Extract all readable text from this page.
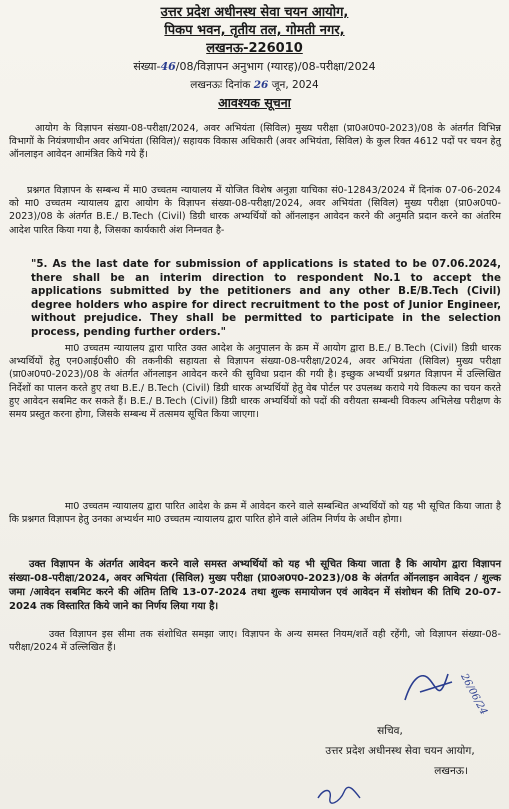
उत्तर प्रदेश अधीनस्थ सेवा चयन आयोग,
पिकप भवन, तृतीय तल, गोमती नगर,
लखनऊ-226010
संख्या-46/08/विज्ञापन अनुभाग (ग्यारह)/08-परीक्षा/2024
लखनऊः दिनांक 26 जून, 2024
आवश्यक सूचना
आयोग के विज्ञापन संख्या-08-परीक्षा/2024, अवर अभियंता (सिविल) मुख्य परीक्षा (प्रा0अ0प0-2023)/08 के अंतर्गत विभिन्न विभागों के नियंत्रणाधीन अवर अभियंता (सिविल)/ सहायक विकास अधिकारी (अवर अभियंता, सिविल) के कुल रिक्त 4612 पदों पर चयन हेतु ऑनलाइन आवेदन आमंत्रित किये गये हैं।
प्रश्नगत विज्ञापन के सम्बन्ध में मा0 उच्चतम न्यायालय में योजित विशेष अनुज्ञा याचिका सं0-12843/2024 में दिनांक 07-06-2024 को मा0 उच्चतम न्यायालय द्वारा आयोग के विज्ञापन संख्या-08-परीक्षा/2024, अवर अभियंता (सिविल) मुख्य परीक्षा (प्रा0अ0प0-2023)/08 के अंतर्गत B.E./ B.Tech (Civil) डिग्री धारक अभ्यर्थियों को ऑनलाइन आवेदन करने की अनुमति प्रदान करने का अंतरिम आदेश पारित किया गया है, जिसका कार्यकारी अंश निम्नवत है-
"5. As the last date for submission of applications is stated to be 07.06.2024, there shall be an interim direction to respondent No.1 to accept the applications submitted by the petitioners and any other B.E/B.Tech (Civil) degree holders who aspire for direct recruitment to the post of Junior Engineer, without prejudice. They shall be permitted to participate in the selection process, pending further orders."
मा0 उच्चतम न्यायालय द्वारा पारित उक्त आदेश के अनुपालन के क्रम में आयोग द्वारा B.E./ B.Tech (Civil) डिग्री धारक अभ्यर्थियों हेतु एन0आई0सी0 की तकनीकी सहायता से विज्ञापन संख्या-08-परीक्षा/2024, अवर अभियंता (सिविल) मुख्य परीक्षा (प्रा0अ0प0-2023)/08 के अंतर्गत ऑनलाइन आवेदन करने की सुविधा प्रदान की गयी है। इच्छुक अभ्यर्थी प्रश्नगत विज्ञापन में उल्लिखित निर्देशों का पालन करते हुए तथा B.E./ B.Tech (Civil) डिग्री धारक अभ्यर्थियों हेतु वेब पोर्टल पर उपलब्ध कराये गये विकल्प का चयन करते हुए आवेदन सबमिट कर सकते हैं। B.E./ B.Tech (Civil) डिग्री धारक अभ्यर्थियों को पदों की वरीयता सम्बन्धी विकल्प अभिलेख परीक्षण के समय प्रस्तुत करना होगा, जिसके सम्बन्ध में तत्समय सूचित किया जाएगा।
मा0 उच्चतम न्यायालय द्वारा पारित आदेश के क्रम में आवेदन करने वाले सम्बन्धित अभ्यर्थियों को यह भी सूचित किया जाता है कि प्रश्नगत विज्ञापन हेतु उनका अभ्यर्थन मा0 उच्चतम न्यायालय द्वारा पारित होने वाले अंतिम निर्णय के अधीन होगा।
उक्त विज्ञापन के अंतर्गत आवेदन करने वाले समस्त अभ्यर्थियों को यह भी सूचित किया जाता है कि आयोग द्वारा विज्ञापन संख्या-08-परीक्षा/2024, अवर अभियंता (सिविल) मुख्य परीक्षा (प्रा0अ0प0-2023)/08 के अंतर्गत ऑनलाइन आवेदन / शुल्क जमा /आवेदन सबमिट करने की अंतिम तिथि 13-07-2024 तथा शुल्क समायोजन एवं आवेदन में संशोधन की तिथि 20-07-2024 तक विस्तारित किये जाने का निर्णय लिया गया है।
उक्त विज्ञापन इस सीमा तक संशोधित समझा जाए। विज्ञापन के अन्य समस्त नियम/शर्ते वही रहेंगी, जो विज्ञापन संख्या-08-परीक्षा/2024 में उल्लिखित हैं।
26/06/24
सचिव,
उत्तर प्रदेश अधीनस्थ सेवा चयन आयोग,
लखनऊ।
